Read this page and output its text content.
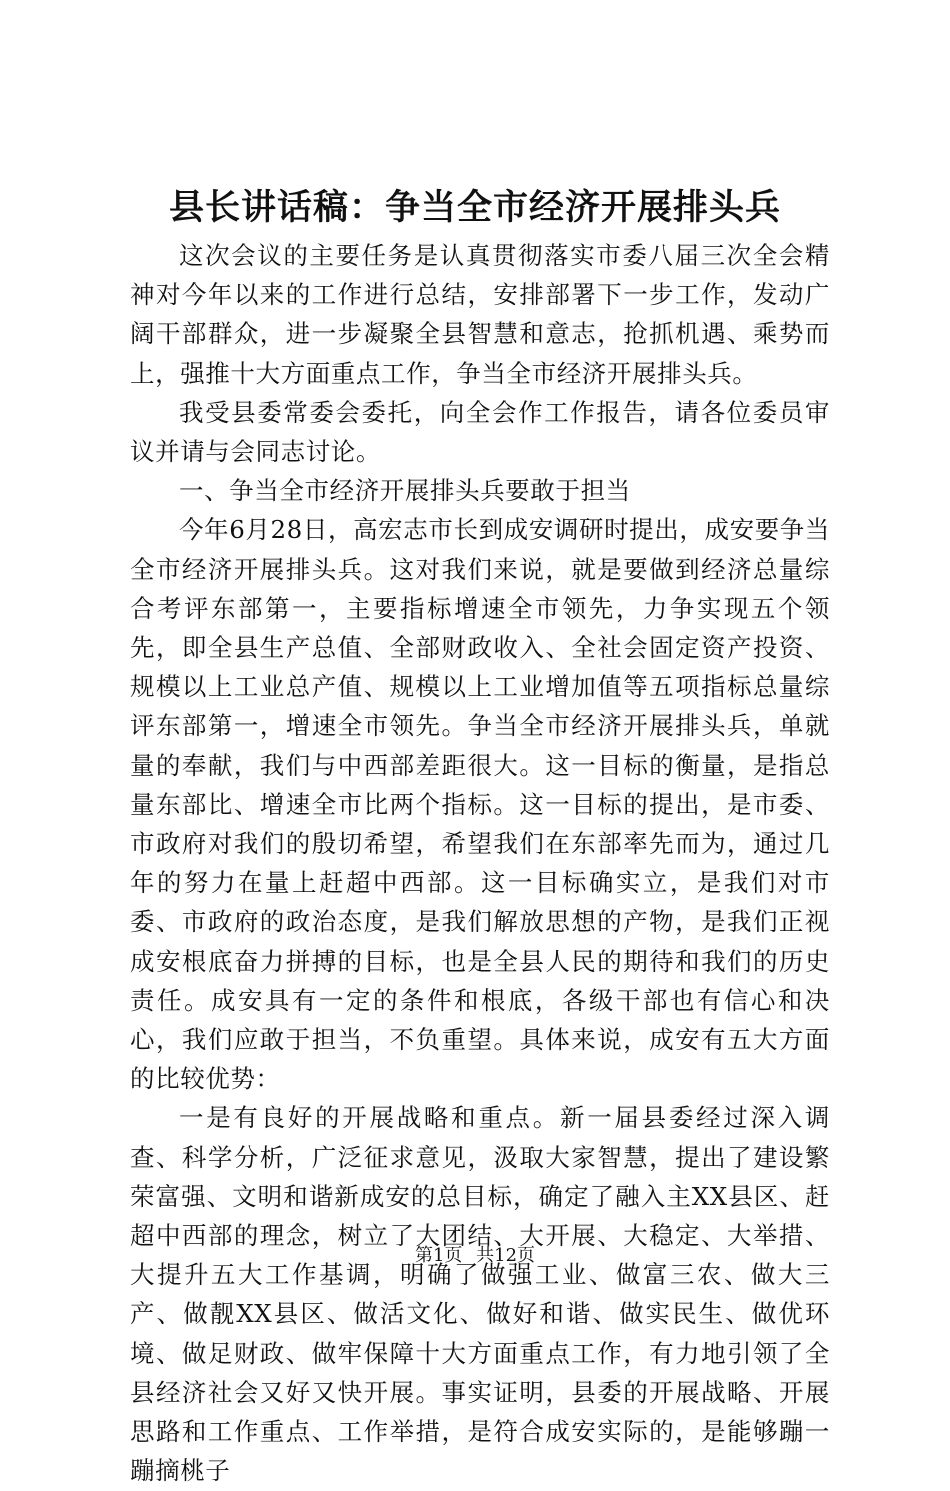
县长讲话稿：争当全市经济开展排头兵

这次会议的主要任务是认真贯彻落实市委八届三次全会精神对今年以来的工作进行总结，安排部署下一步工作，发动广阔干部群众，进一步凝聚全县智慧和意志，抢抓机遇、乘势而上，强推十大方面重点工作，争当全市经济开展排头兵。

我受县委常委会委托，向全会作工作报告，请各位委员审议并请与会同志讨论。

一、争当全市经济开展排头兵要敢于担当

今年6月28日，高宏志市长到成安调研时提出，成安要争当全市经济开展排头兵。这对我们来说，就是要做到经济总量综合考评东部第一，主要指标增速全市领先，力争实现五个领先，即全县生产总值、全部财政收入、全社会固定资产投资、规模以上工业总产值、规模以上工业增加值等五项指标总量综评东部第一，增速全市领先。争当全市经济开展排头兵，单就量的奉献，我们与中西部差距很大。这一目标的衡量，是指总量东部比、增速全市比两个指标。这一目标的提出，是市委、市政府对我们的殷切希望，希望我们在东部率先而为，通过几年的努力在量上赶超中西部。这一目标确实立，是我们对市委、市政府的政治态度，是我们解放思想的产物，是我们正视成安根底奋力拼搏的目标，也是全县人民的期待和我们的历史责任。成安具有一定的条件和根底，各级干部也有信心和决心，我们应敢于担当，不负重望。具体来说，成安有五大方面的比较优势：

一是有良好的开展战略和重点。新一届县委经过深入调查、科学分析，广泛征求意见，汲取大家智慧，提出了建设繁荣富强、文明和谐新成安的总目标，确定了融入主XX县区、赶超中西部的理念，树立了大团结、大开展、大稳定、大举措、大提升五大工作基调，明确了做强工业、做富三农、做大三产、做靓XX县区、做活文化、做好和谐、做实民生、做优环境、做足财政、做牢保障十大方面重点工作，有力地引领了全县经济社会又好又快开展。事实证明，县委的开展战略、开展思路和工作重点、工作举措，是符合成安实际的，是能够蹦一蹦摘桃子

第1页 共12页
